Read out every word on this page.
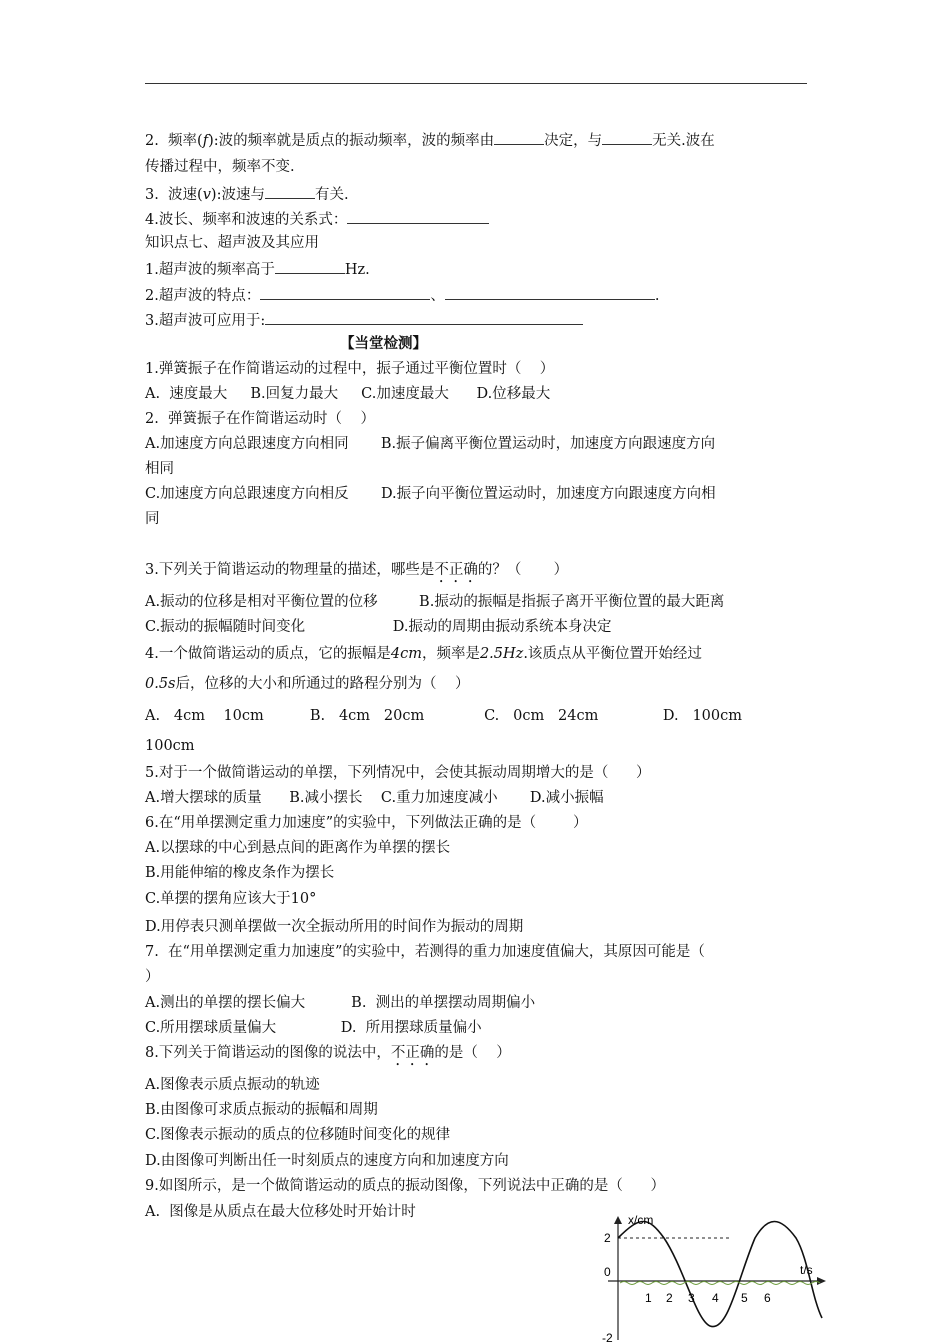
2.  频率(f):波的频率就是质点的振动频率，波的频率由	决定，与	无关.波在
传播过程中，频率不变.
3.  波速(v):波速与	有关.
4.波长、频率和波速的关系式：
知识点七、超声波及其应用
1.超声波的频率高于	Hz.
2.超声波的特点：	、	.
3.超声波可应用于:
【当堂检测】
1.弹簧振子在作简谐运动的过程中，振子通过平衡位置时（    ）
A.  速度最大     B.回复力最大     C.加速度最大      D.位移最大
2.  弹簧振子在作简谐运动时（    ）
A.加速度方向总跟速度方向相同       B.振子偏离平衡位置运动时，加速度方向跟速度方向
相同
C.加速度方向总跟速度方向相反       D.振子向平衡位置运动时，加速度方向跟速度方向相
同
3.下列关于简谐运动的物理量的描述，哪些是不正确的？（       ）
A.振动的位移是相对平衡位置的位移         B.振动的振幅是指振子离开平衡位置的最大距离
C.振动的振幅随时间变化                   D.振动的周期由振动系统本身决定
4.一个做简谐运动的质点，它的振幅是4cm，频率是2.5Hz.该质点从平衡位置开始经过
0.5s后，位移的大小和所通过的路程分别为（    ）
A.   4cm    10cm          B.   4cm   20cm             C.   0cm   24cm              D.   100cm
100cm
5.对于一个做简谐运动的单摆，下列情况中，会使其振动周期增大的是（      ）
A.增大摆球的质量      B.减小摆长    C.重力加速度减小       D.减小振幅
6.在“用单摆测定重力加速度”的实验中，下列做法正确的是（        ）
A.以摆球的中心到悬点间的距离作为单摆的摆长
B.用能伸缩的橡皮条作为摆长
C.单摆的摆角应该大于10°
D.用停表只测单摆做一次全振动所用的时间作为振动的周期
7.  在“用单摆测定重力加速度”的实验中，若测得的重力加速度值偏大，其原因可能是（
）
A.测出的单摆的摆长偏大          B.  测出的单摆摆动周期偏小
C.所用摆球质量偏大              D.  所用摆球质量偏小
8.下列关于简谐运动的图像的说法中，不正确的是（    ）
A.图像表示质点振动的轨迹
B.由图像可求质点振动的振幅和周期
C.图像表示振动的质点的位移随时间变化的规律
D.由图像可判断出任一时刻质点的速度方向和加速度方向
9.如图所示，是一个做简谐运动的质点的振动图像，下列说法中正确的是（      ）
A.  图像是从质点在最大位移处时开始计时	x/cm
t/s
2
0
-2
1 2 3 4 5 6
